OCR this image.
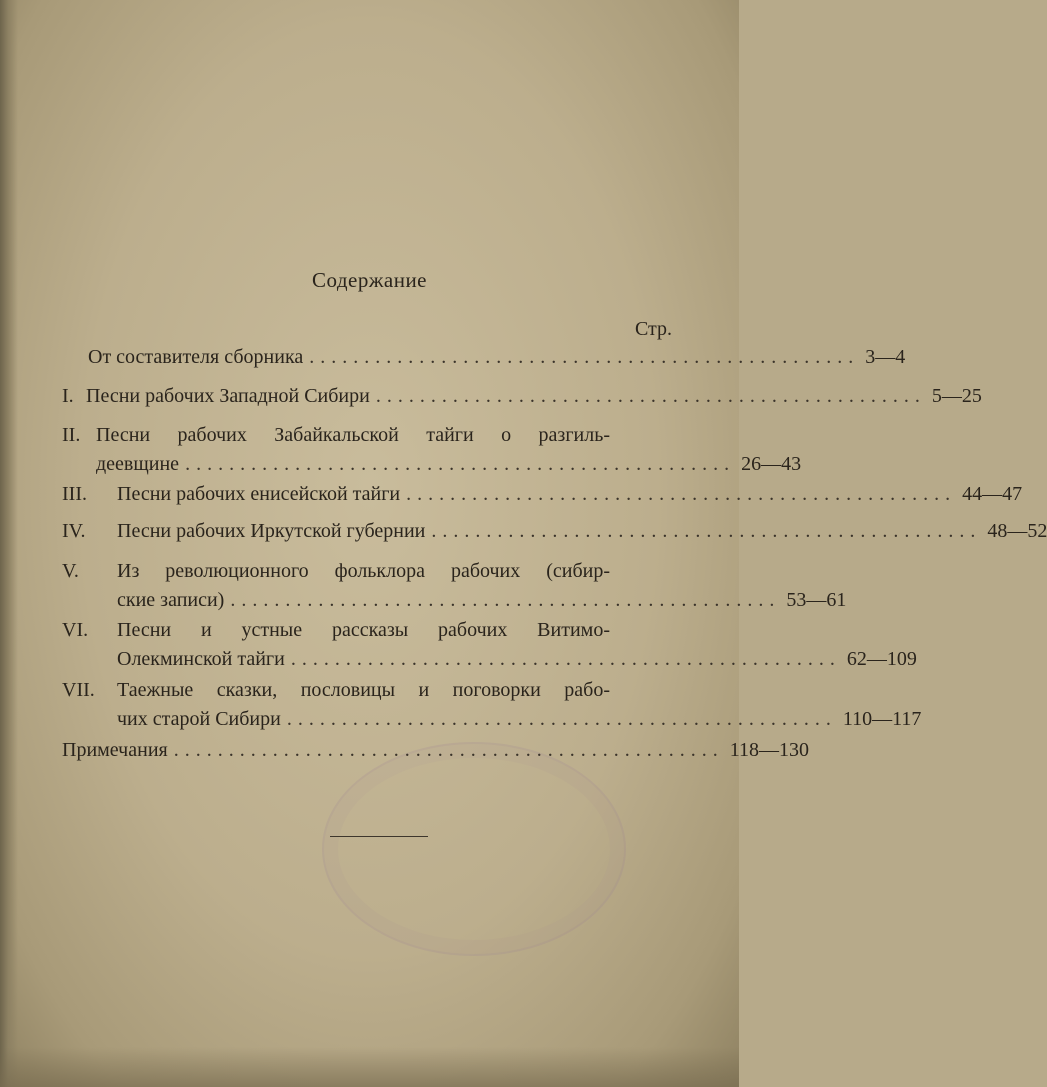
Содержание
Стр.
От составителя сборника .................................................. 3—4
I. Песни рабочих Западной Сибири .................................................. 5—25
II. Песни рабочих Забайкальской тайги о разгиль-
деевщине .................................................. 26—43
III.	Песни рабочих енисейской тайги .................................................. 44—47
IV.	Песни рабочих Иркутской губернии .................................................. 48—52
V.	Из революционного фольклора рабочих (сибир-
ские записи) .................................................. 53—61
VI.	Песни и устные рассказы рабочих Витимо-
Олекминской тайги .................................................. 62—109
VII.	Таежные сказки, пословицы и поговорки рабо-
чих старой Сибири .................................................. 110—117
Примечания .................................................. 118—130
